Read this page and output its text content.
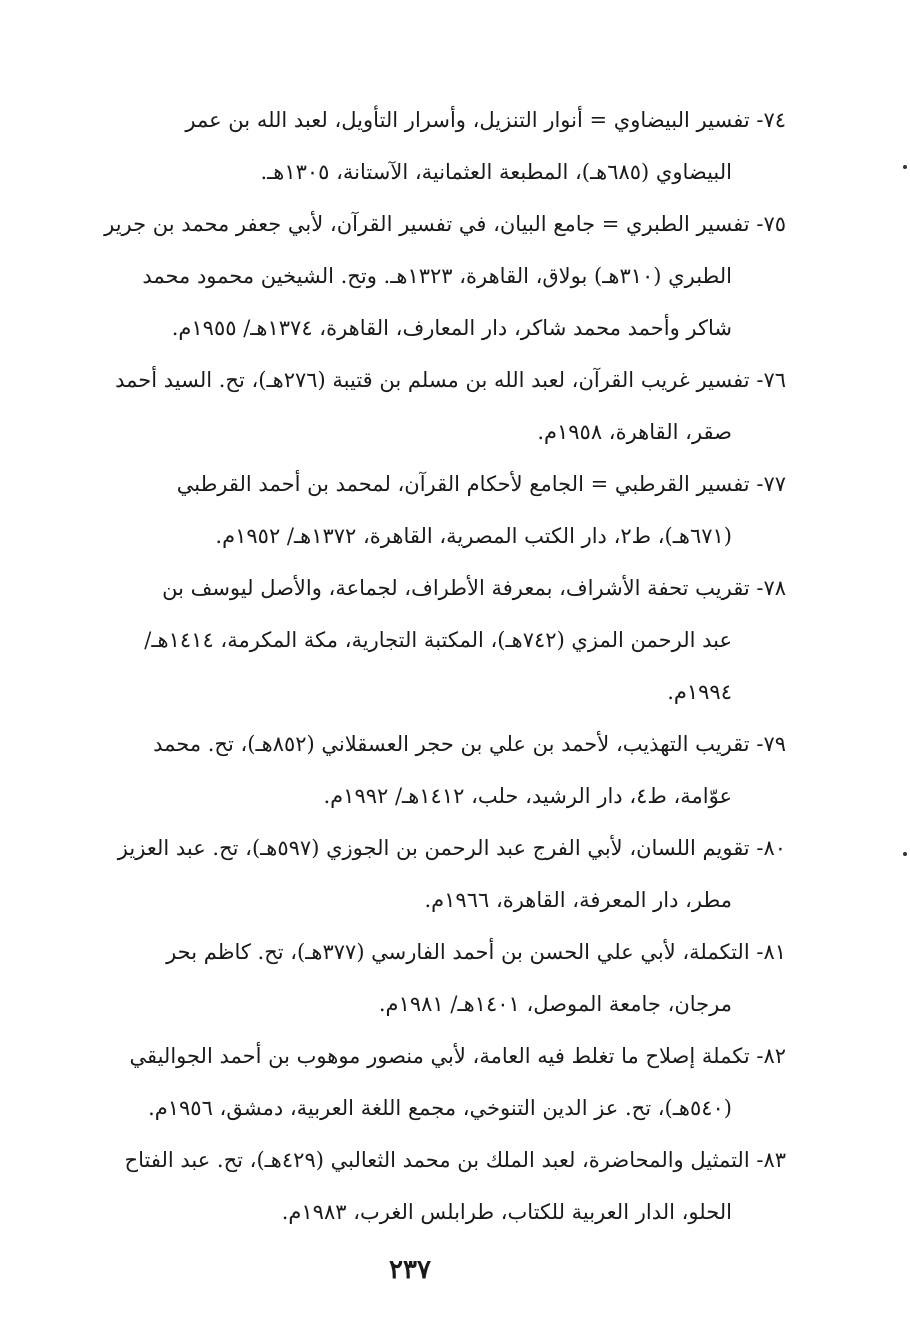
٧٤- تفسير البيضاوي = أنوار التنزيل، وأسرار التأويل، لعبد الله بن عمر
البيضاوي (٦٨٥هـ)، المطبعة العثمانية، الآستانة، ١٣٠٥هـ.
٧٥- تفسير الطبري = جامع البيان، في تفسير القرآن، لأبي جعفر محمد بن جرير
الطبري (٣١٠هـ) بولاق، القاهرة، ١٣٢٣هـ. وتح. الشيخين محمود محمد
شاكر وأحمد محمد شاكر، دار المعارف، القاهرة، ١٣٧٤هـ/ ١٩٥٥م.
٧٦- تفسير غريب القرآن، لعبد الله بن مسلم بن قتيبة (٢٧٦هـ)، تح. السيد أحمد
صقر، القاهرة، ١٩٥٨م.
٧٧- تفسير القرطبي = الجامع لأحكام القرآن، لمحمد بن أحمد القرطبي
(٦٧١هـ)، ط٢، دار الكتب المصرية، القاهرة، ١٣٧٢هـ/ ١٩٥٢م.
٧٨- تقريب تحفة الأشراف، بمعرفة الأطراف، لجماعة، والأصل ليوسف بن
عبد الرحمن المزي (٧٤٢هـ)، المكتبة التجارية، مكة المكرمة، ١٤١٤هـ/
١٩٩٤م.
٧٩- تقريب التهذيب، لأحمد بن علي بن حجر العسقلاني (٨٥٢هـ)، تح. محمد
عوّامة، ط٤، دار الرشيد، حلب، ١٤١٢هـ/ ١٩٩٢م.
٨٠- تقويم اللسان، لأبي الفرج عبد الرحمن بن الجوزي (٥٩٧هـ)، تح. عبد العزيز
مطر، دار المعرفة، القاهرة، ١٩٦٦م.
٨١- التكملة، لأبي علي الحسن بن أحمد الفارسي (٣٧٧هـ)، تح. كاظم بحر
مرجان، جامعة الموصل، ١٤٠١هـ/ ١٩٨١م.
٨٢- تكملة إصلاح ما تغلط فيه العامة، لأبي منصور موهوب بن أحمد الجواليقي
(٥٤٠هـ)، تح. عز الدين التنوخي، مجمع اللغة العربية، دمشق، ١٩٥٦م.
٨٣- التمثيل والمحاضرة، لعبد الملك بن محمد الثعالبي (٤٢٩هـ)، تح. عبد الفتاح
الحلو، الدار العربية للكتاب، طرابلس الغرب، ١٩٨٣م.
٢٣٧
